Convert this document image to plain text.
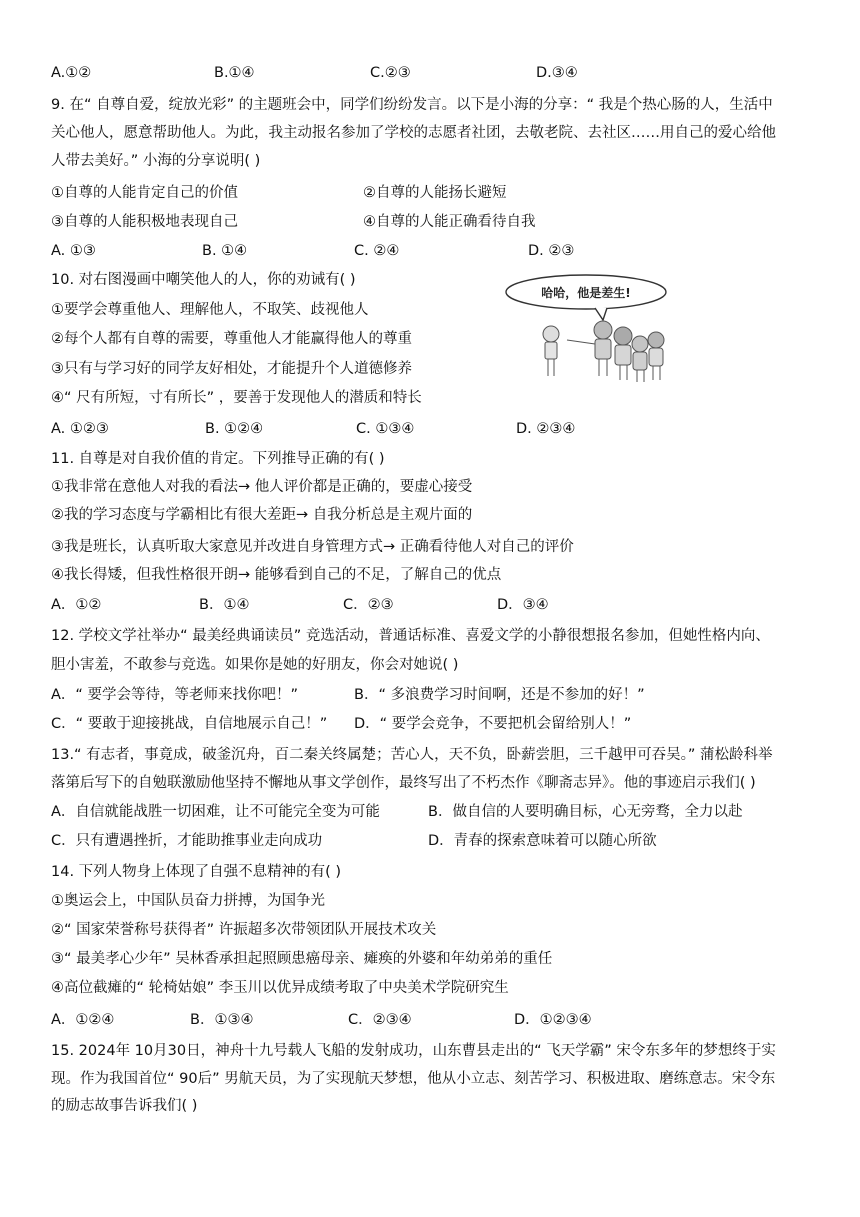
A.①②	B.①④	C.②③	D.③④
9. 在“ 自尊自爱，绽放光彩” 的主题班会中，同学们纷纷发言。以下是小海的分享：“ 我是个热心肠的人，生活中
关心他人，愿意帮助他人。为此，我主动报名参加了学校的志愿者社团，去敬老院、去社区……用自己的爱心给他
人带去美好。” 小海的分享说明( )
①自尊的人能肯定自己的价值	②自尊的人能扬长避短
③自尊的人能积极地表现自己	④自尊的人能正确看待自我
A. ①③	B. ①④	C. ②④	D. ②③
10. 对右图漫画中嘲笑他人的人，你的劝诫有( )
①要学会尊重他人、理解他人，不取笑、歧视他人
②每个人都有自尊的需要，尊重他人才能赢得他人的尊重
③只有与学习好的同学友好相处，才能提升个人道德修养
④“ 尺有所短，寸有所长” ，要善于发现他人的潜质和特长
A. ①②③	B. ①②④	C. ①③④	D. ②③④
哈哈，他是差生!
11. 自尊是对自我价值的肯定。下列推导正确的有( )
①我非常在意他人对我的看法→ 他人评价都是正确的，要虚心接受
②我的学习态度与学霸相比有很大差距→ 自我分析总是主观片面的
③我是班长，认真听取大家意见并改进自身管理方式→ 正确看待他人对自己的评价
④我长得矮，但我性格很开朗→ 能够看到自己的不足，了解自己的优点
A．①②	B．①④	C．②③	D．③④
12. 学校文学社举办“ 最美经典诵读员” 竞选活动，普通话标准、喜爱文学的小静很想报名参加，但她性格内向、
胆小害羞，不敢参与竞选。如果你是她的好朋友，你会对她说( )
A．“ 要学会等待，等老师来找你吧！”	B．“ 多浪费学习时间啊，还是不参加的好！”
C．“ 要敢于迎接挑战，自信地展示自己！” D．“ 要学会竞争，不要把机会留给别人！”
13.“ 有志者，事竟成，破釜沉舟，百二秦关终属楚；苦心人，天不负，卧薪尝胆，三千越甲可吞吴。” 蒲松龄科举
落第后写下的自勉联激励他坚持不懈地从事文学创作，最终写出了不朽杰作《聊斋志异》。他的事迹启示我们( )
A．自信就能战胜一切困难，让不可能完全变为可能	B．做自信的人要明确目标，心无旁骛，全力以赴
C．只有遭遇挫折，才能助推事业走向成功	D．青春的探索意味着可以随心所欲
14. 下列人物身上体现了自强不息精神的有( )
①奥运会上，中国队员奋力拼搏，为国争光
②“ 国家荣誉称号获得者” 许振超多次带领团队开展技术攻关
③“ 最美孝心少年” 吴林香承担起照顾患癌母亲、瘫痪的外婆和年幼弟弟的重任
④高位截瘫的“ 轮椅姑娘” 李玉川以优异成绩考取了中央美术学院研究生
A．①②④	B．①③④	C．②③④	D．①②③④
15. 2024年 10月30日，神舟十九号载人飞船的发射成功，山东曹县走出的“ 飞天学霸” 宋令东多年的梦想终于实
现。作为我国首位“ 90后” 男航天员，为了实现航天梦想，他从小立志、刻苦学习、积极进取、磨练意志。宋令东
的励志故事告诉我们( )
